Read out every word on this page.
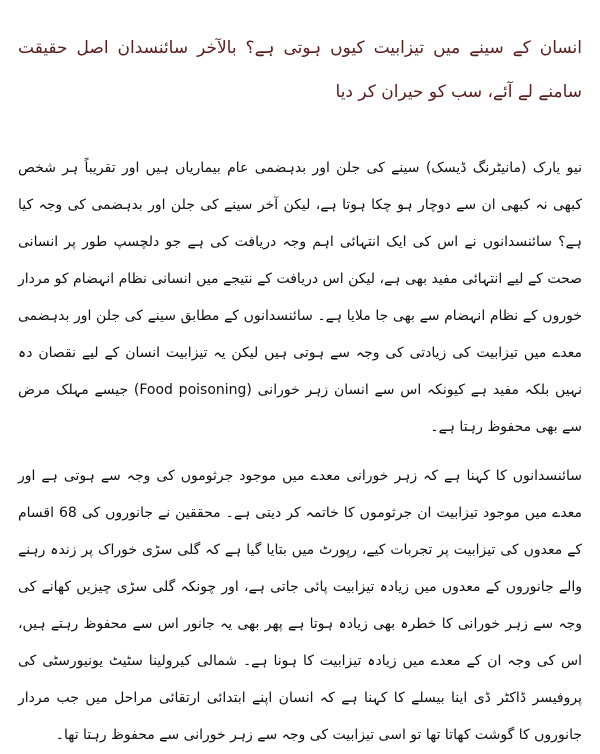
انسان کے سینے میں تیزابیت کیوں ہوتی ہے؟ بالآخر سائنسدان اصل حقیقت سامنے لے آئے، سب کو حیران کر دیا

نیو یارک (مانیٹرنگ ڈیسک) سینے کی جلن اور بدہضمی عام بیماریاں ہیں اور تقریباً ہر شخص کبھی نہ کبھی ان سے دوچار ہو چکا ہوتا ہے، لیکن آخر سینے کی جلن اور بدہضمی کی وجہ کیا ہے؟ سائنسدانوں نے اس کی ایک انتہائی اہم وجہ دریافت کی ہے جو دلچسپ طور پر انسانی صحت کے لیے انتہائی مفید بھی ہے، لیکن اس دریافت کے نتیجے میں انسانی نظام انہضام کو مردار خوروں کے نظام انہضام سے بھی جا ملایا ہے۔ سائنسدانوں کے مطابق سینے کی جلن اور بدہضمی معدے میں تیزابیت کی زیادتی کی وجہ سے ہوتی ہیں لیکن یہ تیزابیت انسان کے لیے نقصان دہ نہیں بلکہ مفید ہے کیونکہ اس سے انسان زہر خورانی (Food poisoning) جیسے مہلک مرض سے بھی محفوظ رہتا ہے۔

سائنسدانوں کا کہنا ہے کہ زہر خورانی معدے میں موجود جرثوموں کی وجہ سے ہوتی ہے اور معدے میں موجود تیزابیت ان جرثوموں کا خاتمہ کر دیتی ہے۔ محققین نے جانوروں کی 68 اقسام کے معدوں کی تیزابیت پر تجربات کیے، رپورٹ میں بتایا گیا ہے کہ گلی سڑی خوراک پر زندہ رہنے والے جانوروں کے معدوں میں زیادہ تیزابیت پائی جاتی ہے، اور چونکہ گلی سڑی چیزیں کھانے کی وجہ سے زہر خورانی کا خطرہ بھی زیادہ ہوتا ہے پھر بھی یہ جانور اس سے محفوظ رہتے ہیں، اس کی وجہ ان کے معدے میں زیادہ تیزابیت کا ہونا ہے۔ شمالی کیرولینا سٹیٹ یونیورسٹی کی پروفیسر ڈاکٹر ڈی اینا بیسلے کا کہنا ہے کہ انسان اپنے ابتدائی ارتقائی مراحل میں جب مردار جانوروں کا گوشت کھاتا تھا تو اسی تیزابیت کی وجہ سے زہر خورانی سے محفوظ رہتا تھا۔
